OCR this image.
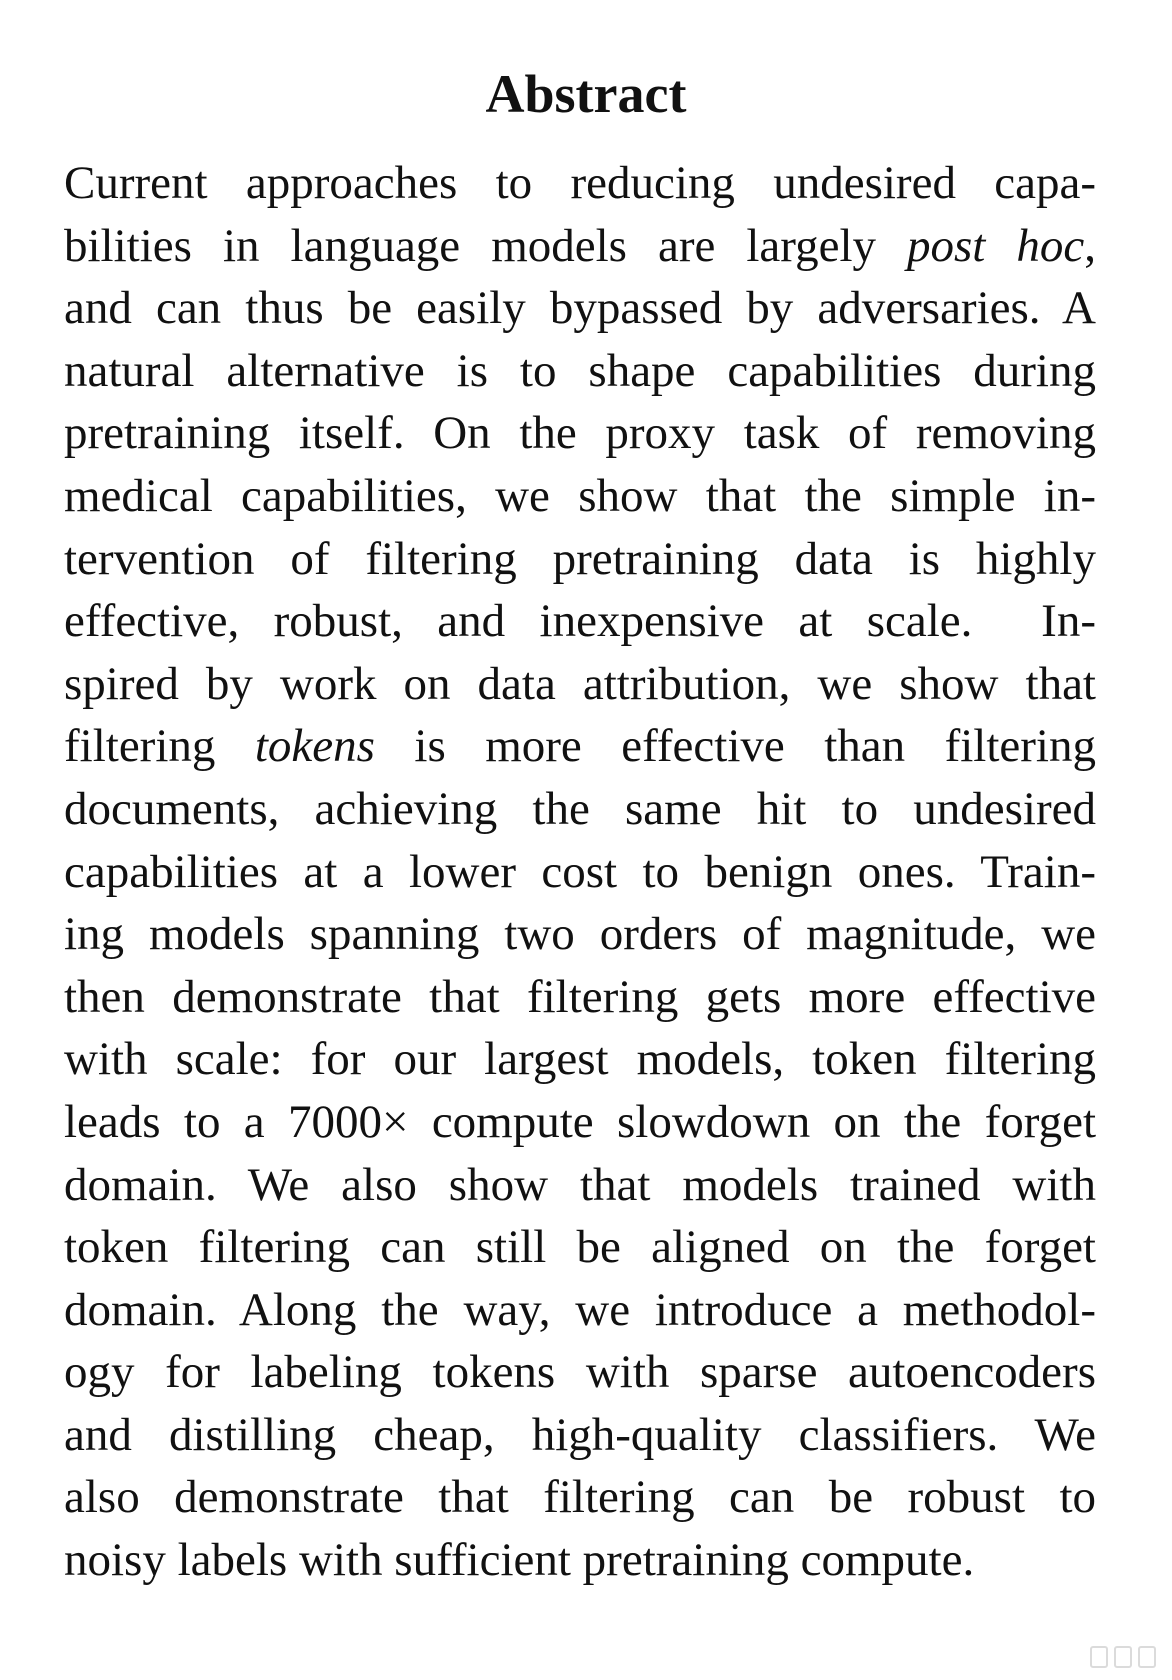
Abstract
Current approaches to reducing undesired capa-
bilities in language models are largely post hoc,
and can thus be easily bypassed by adversaries. A
natural alternative is to shape capabilities during
pretraining itself. On the proxy task of removing
medical capabilities, we show that the simple in-
tervention of filtering pretraining data is highly
effective, robust, and inexpensive at scale.  In-
spired by work on data attribution, we show that
filtering tokens is more effective than filtering
documents, achieving the same hit to undesired
capabilities at a lower cost to benign ones. Train-
ing models spanning two orders of magnitude, we
then demonstrate that filtering gets more effective
with scale: for our largest models, token filtering
leads to a 7000× compute slowdown on the forget
domain. We also show that models trained with
token filtering can still be aligned on the forget
domain. Along the way, we introduce a methodol-
ogy for labeling tokens with sparse autoencoders
and distilling cheap, high-quality classifiers. We
also demonstrate that filtering can be robust to
noisy labels with sufficient pretraining compute.
